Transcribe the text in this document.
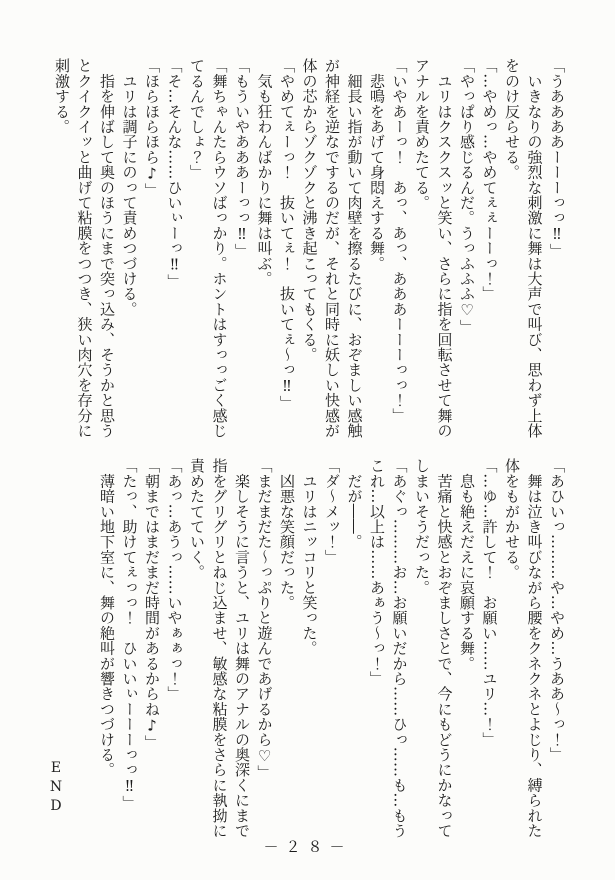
「うああああーーーっっ‼」
　いきなりの強烈な刺激に舞は大声で叫び、思わず上体
をのけ反らせる。
「…やめっ…やめてぇぇーーっ！」
「やっぱり感じるんだ。うっふふふ♡」
　ユリはクスクスッと笑い、さらに指を回転させて舞の
アナルを責めたてる。
「いやあーっ！　あっ、あっ、あああーーーっっ！」
　悲鳴をあげて身悶えする舞。
　細長い指が動いて肉壁を擦るたびに、おぞましい感触
が神経を逆なでするのだが、それと同時に妖しい快感が
体の芯からゾクゾクと沸き起こってもくる。
「やめてぇーっ！　抜いてぇ！　抜いてぇ〜っ‼」
　気も狂わんばかりに舞は叫ぶ。
「もういやあああーっっ‼」
「舞ちゃんたらウソばっかり。ホントはすっっごく感じ
てるんでしょ？」
「そ…そんな……ひいぃーっ‼」
「ほらほらほら♪」
　ユリは調子にのって責めつづける。
　指を伸ばして奥のほうにまで突っ込み、そうかと思う
とクイクイッと曲げて粘膜をつつき、狭い肉穴を存分に
刺激する。
「あひいっ………や…やめ…うああ〜っ！」
　舞は泣き叫びながら腰をクネクネとよじり、縛られた
体をもがかせる。
「…ゆ…許して！　お願い……ユリ…！」
　息も絶えだえに哀願する舞。
　苦痛と快感とおぞましさとで、今にもどうにかなって
しまいそうだった。
「あぐっ………お…お願いだから……ひっ……も…もう
これ…以上は……あぁう〜っ！」
　だが――。
「ダ〜メッ！」
　ユリはニッコリと笑った。
　凶悪な笑顔だった。
「まだまだた〜っぷりと遊んであげるから♡」
　楽しそうに言うと、ユリは舞のアナルの奥深くにまで
指をグリグリとねじ込ませ、敏感な粘膜をさらに執拗に
責めたてていく。
「あっ…あうっ……いやぁぁっ！」
「朝まではまだまだ時間があるからね♪」
「たっ、助けてぇっっ！　ひいいぃーーーっっ‼」
　薄暗い地下室に、舞の絶叫が響きつづける。
END
－２８－
